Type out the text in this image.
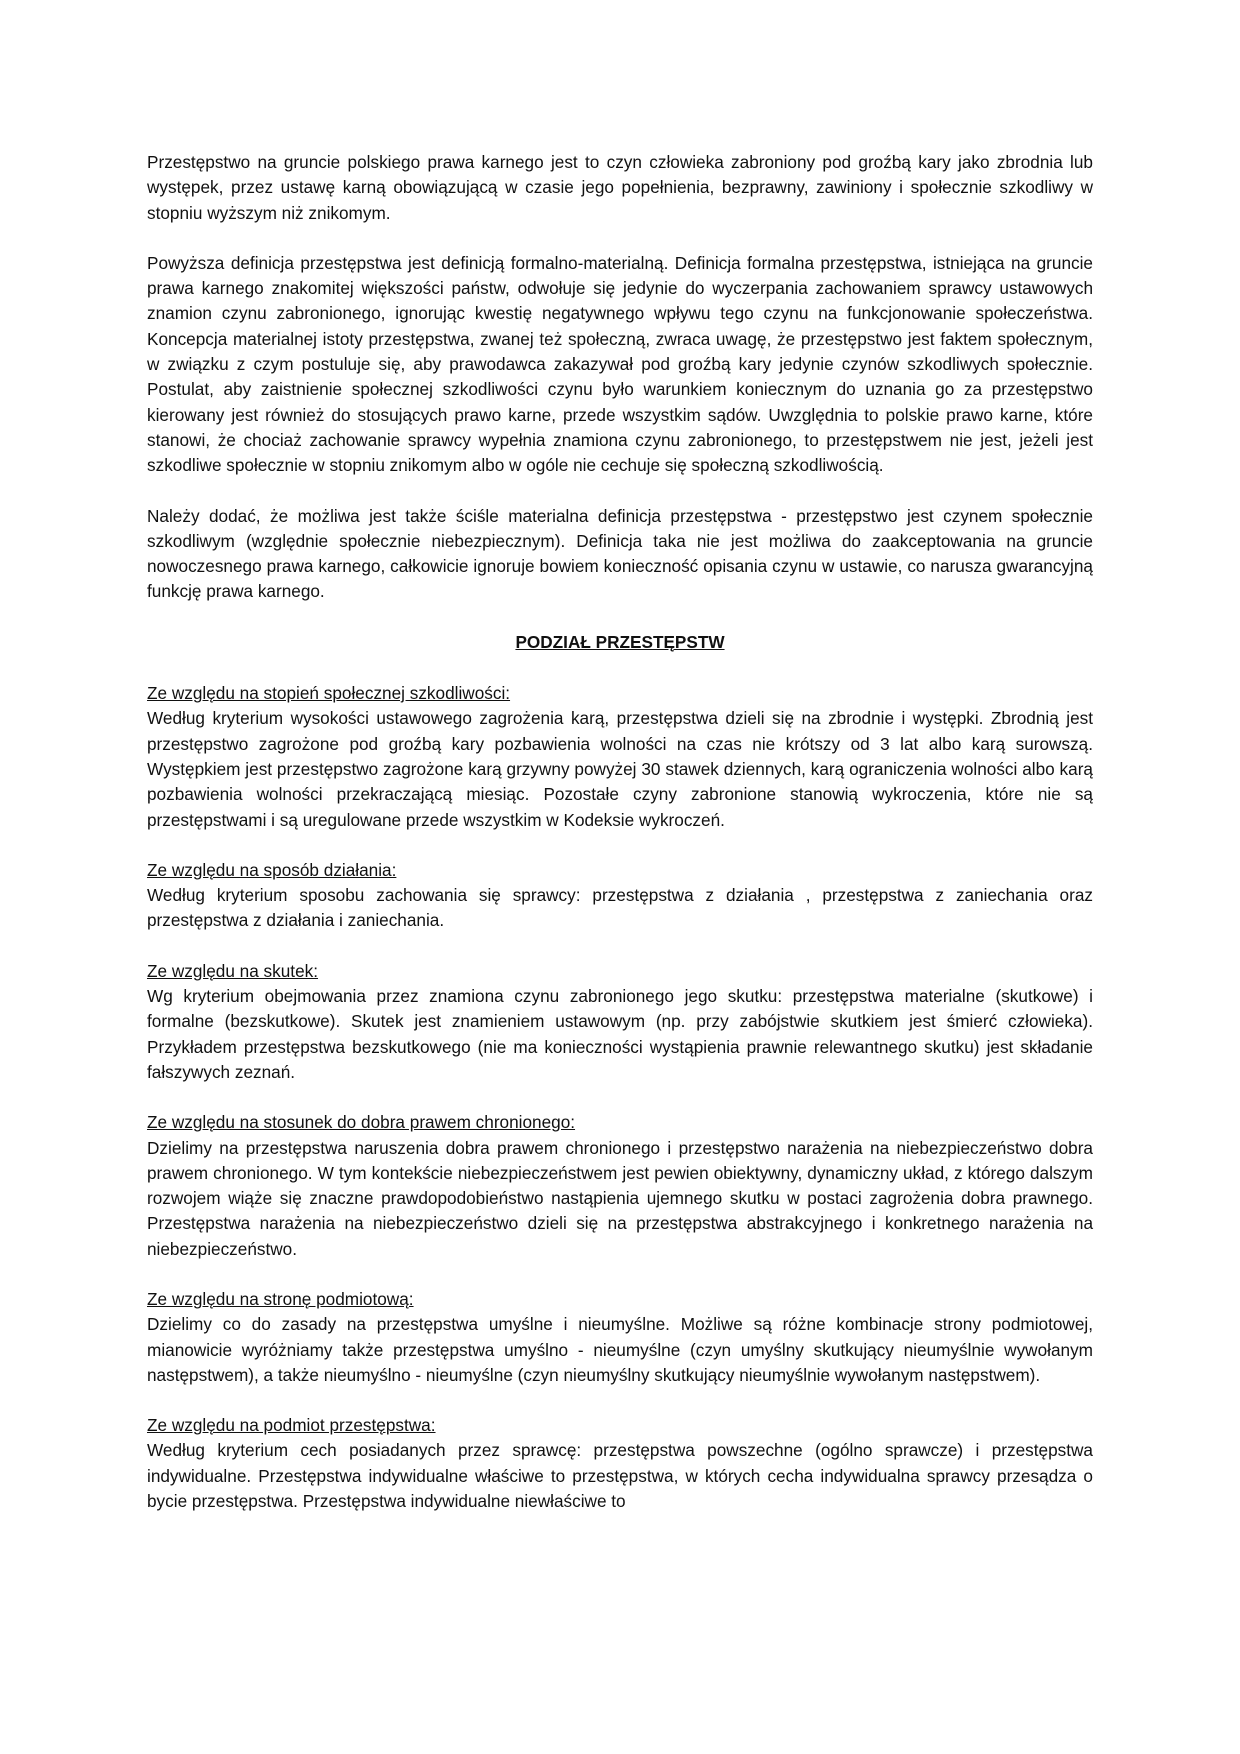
Przestępstwo na gruncie polskiego prawa karnego jest to czyn człowieka zabroniony pod groźbą kary jako zbrodnia lub występek, przez ustawę karną obowiązującą w czasie jego popełnienia, bezprawny, zawiniony i społecznie szkodliwy w stopniu wyższym niż znikomym.

Powyższa definicja przestępstwa jest definicją formalno-materialną. Definicja formalna przestępstwa, istniejąca na gruncie prawa karnego znakomitej większości państw, odwołuje się jedynie do wyczerpania zachowaniem sprawcy ustawowych znamion czynu zabronionego, ignorując kwestię negatywnego wpływu tego czynu na funkcjonowanie społeczeństwa. Koncepcja materialnej istoty przestępstwa, zwanej też społeczną, zwraca uwagę, że przestępstwo jest faktem społecznym, w związku z czym postuluje się, aby prawodawca zakazywał pod groźbą kary jedynie czynów szkodliwych społecznie. Postulat, aby zaistnienie społecznej szkodliwości czynu było warunkiem koniecznym do uznania go za przestępstwo kierowany jest również do stosujących prawo karne, przede wszystkim sądów. Uwzględnia to polskie prawo karne, które stanowi, że chociaż zachowanie sprawcy wypełnia znamiona czynu zabronionego, to przestępstwem nie jest, jeżeli jest szkodliwe społecznie w stopniu znikomym albo w ogóle nie cechuje się społeczną szkodliwością.

Należy dodać, że możliwa jest także ściśle materialna definicja przestępstwa - przestępstwo jest czynem społecznie szkodliwym (względnie społecznie niebezpiecznym). Definicja taka nie jest możliwa do zaakceptowania na gruncie nowoczesnego prawa karnego, całkowicie ignoruje bowiem konieczność opisania czynu w ustawie, co narusza gwarancyjną funkcję prawa karnego.

PODZIAŁ PRZESTĘPSTW

Ze względu na stopień społecznej szkodliwości:

Według kryterium wysokości ustawowego zagrożenia karą, przestępstwa dzieli się na zbrodnie i występki. Zbrodnią jest przestępstwo zagrożone pod groźbą kary pozbawienia wolności na czas nie krótszy od 3 lat albo karą surowszą. Występkiem jest przestępstwo zagrożone karą grzywny powyżej 30 stawek dziennych, karą ograniczenia wolności albo karą pozbawienia wolności przekraczającą miesiąc. Pozostałe czyny zabronione stanowią wykroczenia, które nie są przestępstwami i są uregulowane przede wszystkim w Kodeksie wykroczeń.

Ze względu na sposób działania:

Według kryterium sposobu zachowania się sprawcy: przestępstwa z działania , przestępstwa z zaniechania oraz przestępstwa z działania i zaniechania.

Ze względu na skutek:

Wg kryterium obejmowania przez znamiona czynu zabronionego jego skutku: przestępstwa materialne (skutkowe) i formalne (bezskutkowe). Skutek jest znamieniem ustawowym (np. przy zabójstwie skutkiem jest śmierć człowieka). Przykładem przestępstwa bezskutkowego (nie ma konieczności wystąpienia prawnie relewantnego skutku) jest składanie fałszywych zeznań.

Ze względu na stosunek do dobra prawem chronionego:

Dzielimy na przestępstwa naruszenia dobra prawem chronionego i przestępstwo narażenia na niebezpieczeństwo dobra prawem chronionego. W tym kontekście niebezpieczeństwem jest pewien obiektywny, dynamiczny układ, z którego dalszym rozwojem wiąże się znaczne prawdopodobieństwo nastąpienia ujemnego skutku w postaci zagrożenia dobra prawnego. Przestępstwa narażenia na niebezpieczeństwo dzieli się na przestępstwa abstrakcyjnego i konkretnego narażenia na niebezpieczeństwo.

Ze względu na stronę podmiotową:

Dzielimy co do zasady na przestępstwa umyślne i nieumyślne. Możliwe są różne kombinacje strony podmiotowej, mianowicie wyróżniamy także przestępstwa umyślno - nieumyślne (czyn umyślny skutkujący nieumyślnie wywołanym następstwem), a także nieumyślno - nieumyślne (czyn nieumyślny skutkujący nieumyślnie wywołanym następstwem).

Ze względu na podmiot przestępstwa:

Według kryterium cech posiadanych przez sprawcę: przestępstwa powszechne (ogólno sprawcze) i przestępstwa indywidualne. Przestępstwa indywidualne właściwe to przestępstwa, w których cecha indywidualna sprawcy przesądza o bycie przestępstwa. Przestępstwa indywidualne niewłaściwe to
